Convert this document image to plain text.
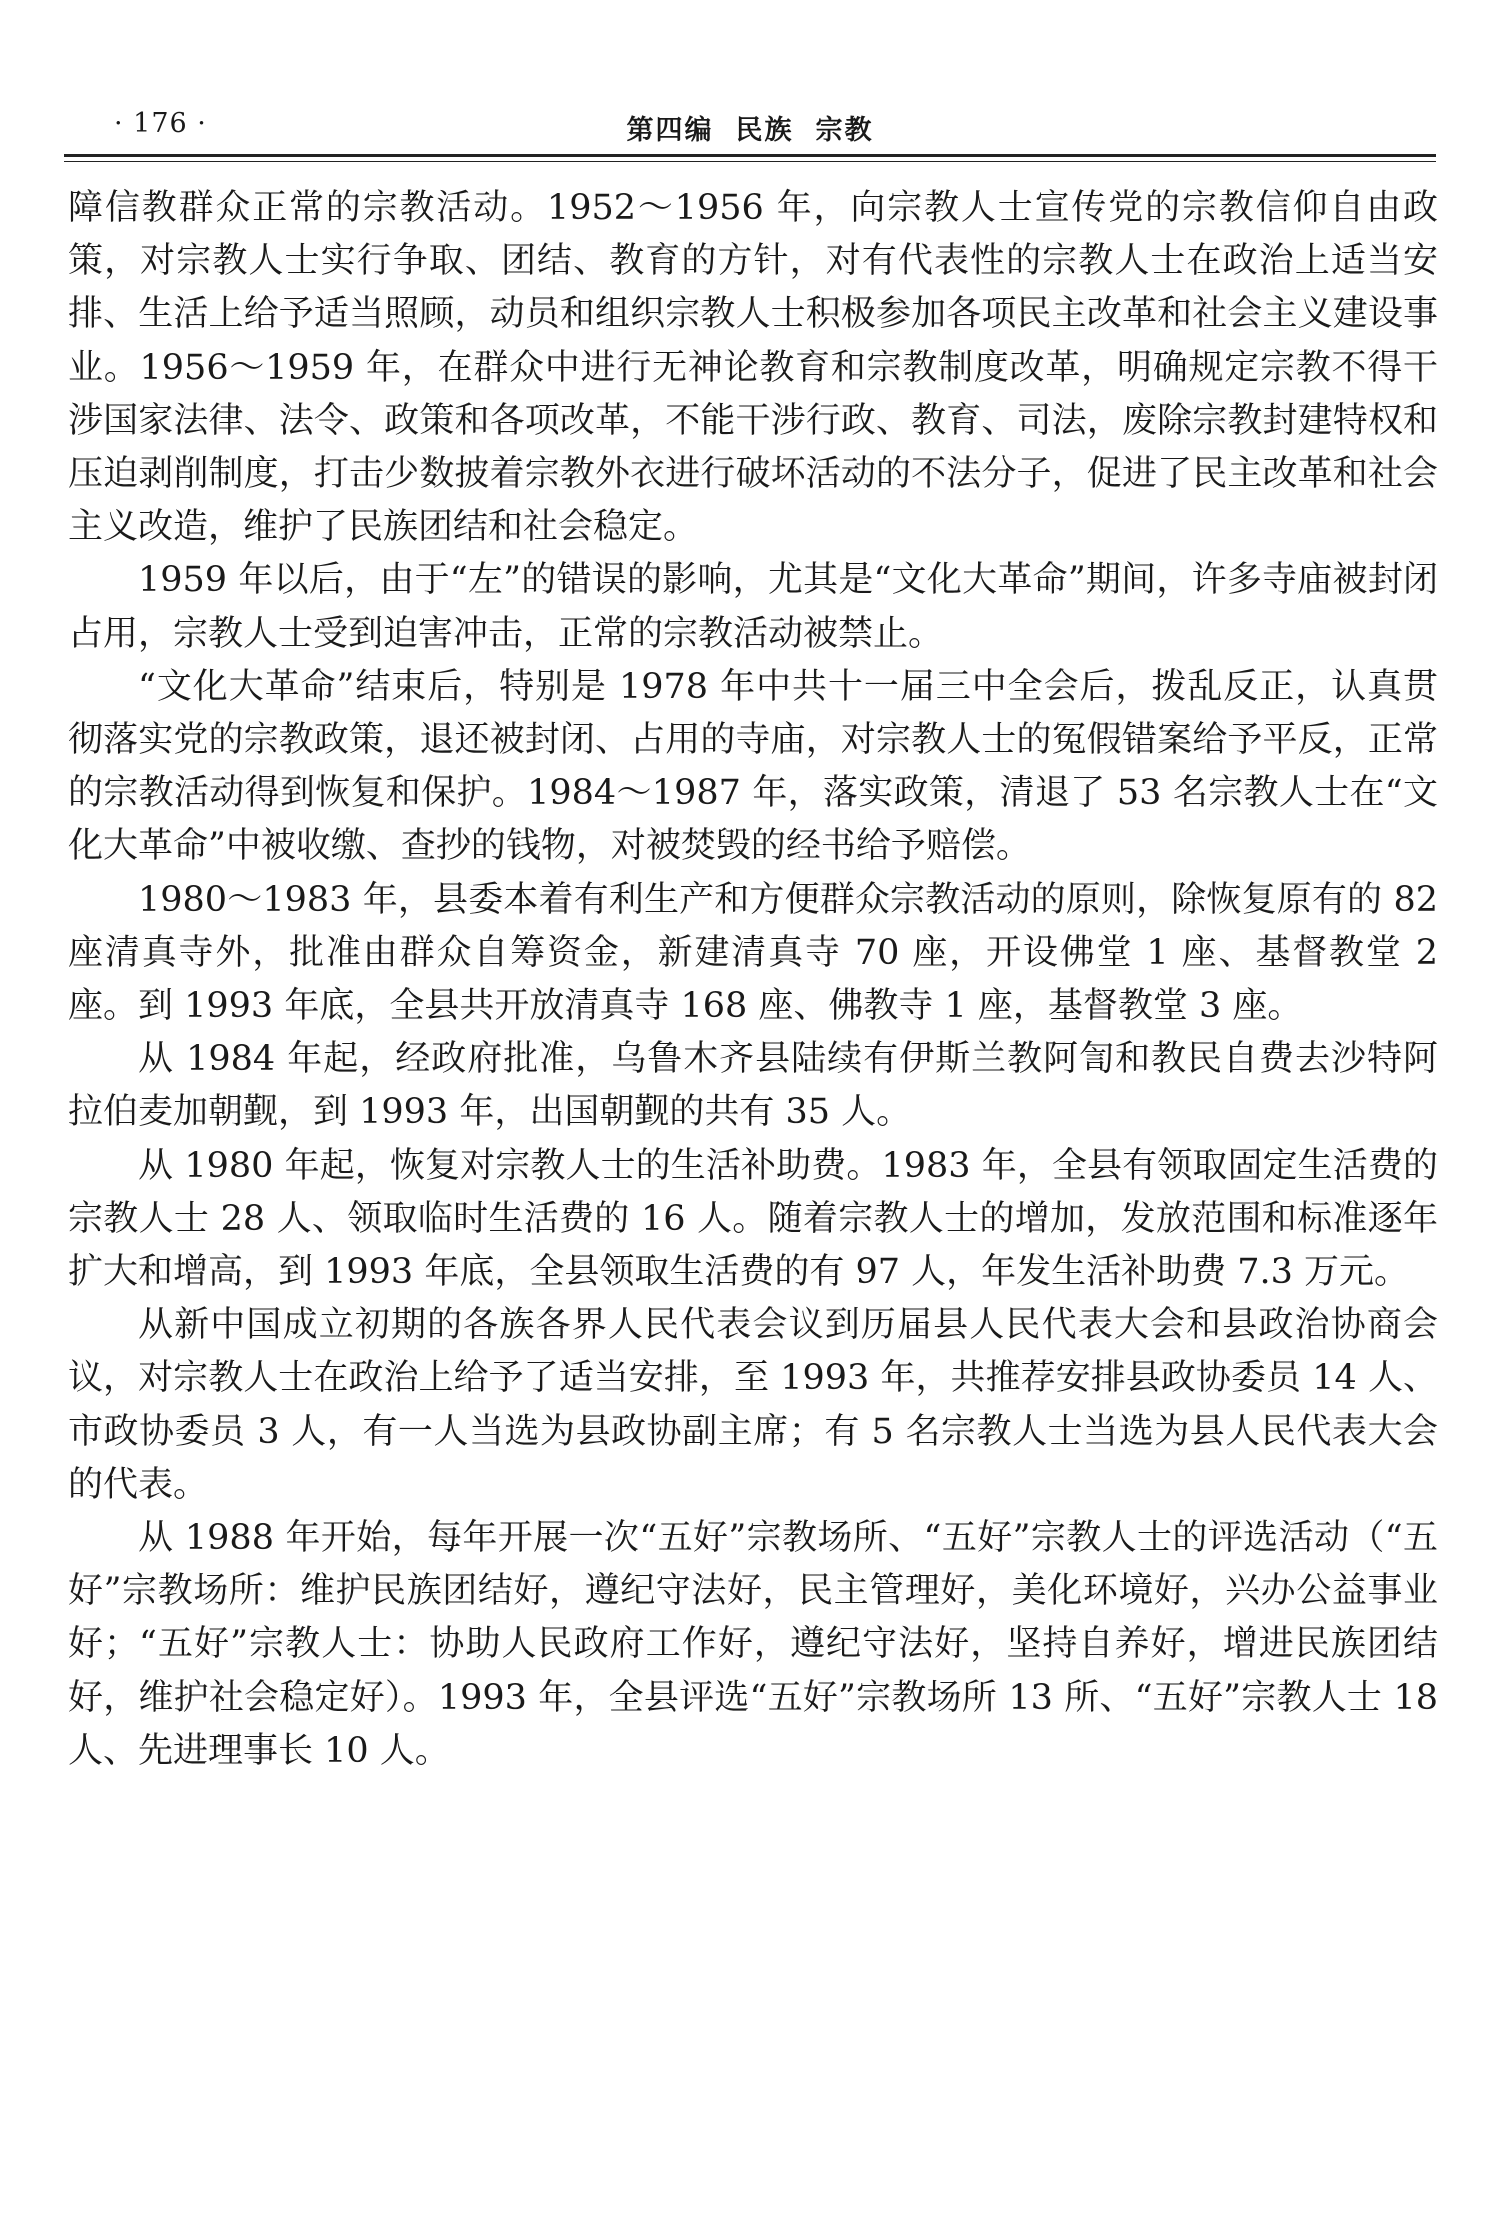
· 176 ·	第四编 民族 宗教

障信教群众正常的宗教活动。1952～1956 年，向宗教人士宣传党的宗教信仰自由政策，对宗教人士实行争取、团结、教育的方针，对有代表性的宗教人士在政治上适当安排、生活上给予适当照顾，动员和组织宗教人士积极参加各项民主改革和社会主义建设事业。1956～1959 年，在群众中进行无神论教育和宗教制度改革，明确规定宗教不得干涉国家法律、法令、政策和各项改革，不能干涉行政、教育、司法，废除宗教封建特权和压迫剥削制度，打击少数披着宗教外衣进行破坏活动的不法分子，促进了民主改革和社会主义改造，维护了民族团结和社会稳定。

1959 年以后，由于“左”的错误的影响，尤其是“文化大革命”期间，许多寺庙被封闭占用，宗教人士受到迫害冲击，正常的宗教活动被禁止。

“文化大革命”结束后，特别是 1978 年中共十一届三中全会后，拨乱反正，认真贯彻落实党的宗教政策，退还被封闭、占用的寺庙，对宗教人士的冤假错案给予平反，正常的宗教活动得到恢复和保护。1984～1987 年，落实政策，清退了 53 名宗教人士在“文化大革命”中被收缴、查抄的钱物，对被焚毁的经书给予赔偿。

1980～1983 年，县委本着有利生产和方便群众宗教活动的原则，除恢复原有的 82 座清真寺外，批准由群众自筹资金，新建清真寺 70 座，开设佛堂 1 座、基督教堂 2 座。到 1993 年底，全县共开放清真寺 168 座、佛教寺 1 座，基督教堂 3 座。

从 1984 年起，经政府批准，乌鲁木齐县陆续有伊斯兰教阿訇和教民自费去沙特阿拉伯麦加朝觐，到 1993 年，出国朝觐的共有 35 人。

从 1980 年起，恢复对宗教人士的生活补助费。1983 年，全县有领取固定生活费的宗教人士 28 人、领取临时生活费的 16 人。随着宗教人士的增加，发放范围和标准逐年扩大和增高，到 1993 年底，全县领取生活费的有 97 人，年发生活补助费 7.3 万元。

从新中国成立初期的各族各界人民代表会议到历届县人民代表大会和县政治协商会议，对宗教人士在政治上给予了适当安排，至 1993 年，共推荐安排县政协委员 14 人、市政协委员 3 人，有一人当选为县政协副主席；有 5 名宗教人士当选为县人民代表大会的代表。

从 1988 年开始，每年开展一次“五好”宗教场所、“五好”宗教人士的评选活动（“五好”宗教场所：维护民族团结好，遵纪守法好，民主管理好，美化环境好，兴办公益事业好；“五好”宗教人士：协助人民政府工作好，遵纪守法好，坚持自养好，增进民族团结好，维护社会稳定好）。1993 年，全县评选“五好”宗教场所 13 所、“五好”宗教人士 18 人、先进理事长 10 人。
